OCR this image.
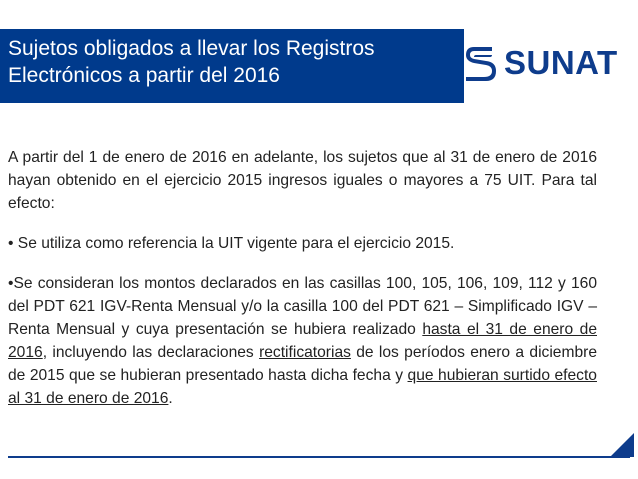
Sujetos obligados a llevar los Registros
Electrónicos a partir del 2016	SUNAT

A partir del 1 de enero de 2016 en adelante, los sujetos que al 31 de enero de 2016 hayan obtenido en el ejercicio 2015 ingresos iguales o mayores a 75 UIT. Para tal efecto:

• Se utiliza como referencia la UIT vigente para el ejercicio 2015.

•Se consideran los montos declarados en las casillas 100, 105, 106, 109, 112 y 160 del PDT 621 IGV-Renta Mensual y/o la casilla 100 del PDT 621 – Simplificado IGV – Renta Mensual y cuya presentación se hubiera realizado hasta el 31 de enero de 2016, incluyendo las declaraciones rectificatorias de los períodos enero a diciembre de 2015 que se hubieran presentado hasta dicha fecha y que hubieran surtido efecto al 31 de enero de 2016.
